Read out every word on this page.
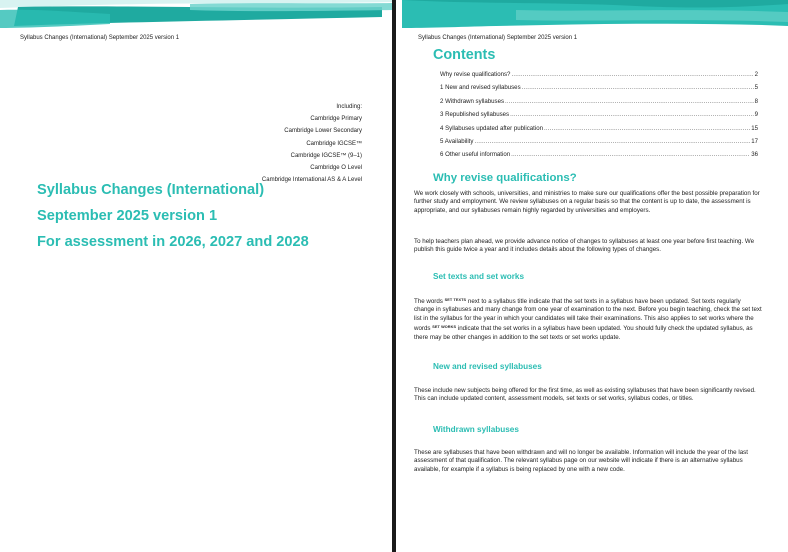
Syllabus Changes (International) September 2025 version 1
Including:
Cambridge Primary
Cambridge Lower Secondary
Cambridge IGCSE™
Cambridge IGCSE™ (9–1)
Cambridge O Level
Cambridge International AS & A Level
Syllabus Changes (International)
September 2025 version 1
For assessment in 2026, 2027 and 2028
Syllabus Changes (International) September 2025 version 1
Contents
Why revise qualifications? .....	2
1 New and revised syllabuses .....	5
2 Withdrawn syllabuses .....	8
3 Republished syllabuses .....	9
4 Syllabuses updated after publication .....	15
5 Availability .....	17
6 Other useful information .....	36
Why revise qualifications?
We work closely with schools, universities, and ministries to make sure our qualifications offer the best possible preparation for further study and employment. We review syllabuses on a regular basis so that the content is up to date, the assessment is appropriate, and our syllabuses remain highly regarded by universities and employers.
To help teachers plan ahead, we provide advance notice of changes to syllabuses at least one year before first teaching. We publish this guide twice a year and it includes details about the following types of changes.
Set texts and set works
The words $^{SET TEXTS}$ next to a syllabus title indicate that the set texts in a syllabus have been updated. Set texts regularly change in syllabuses and many change from one year of examination to the next. Before you begin teaching, check the set text list in the syllabus for the year in which your candidates will take their examinations. This also applies to set works where the words $^{SET WORKS}$ indicate that the set works in a syllabus have been updated. You should fully check the updated syllabus, as there may be other changes in addition to the set texts or set works update.
New and revised syllabuses
These include new subjects being offered for the first time, as well as existing syllabuses that have been significantly revised. This can include updated content, assessment models, set texts or set works, syllabus codes, or titles.
Withdrawn syllabuses
These are syllabuses that have been withdrawn and will no longer be available. Information will include the year of the last assessment of that qualification. The relevant syllabus page on our website will indicate if there is an alternative syllabus available, for example if a syllabus is being replaced by one with a new code.
